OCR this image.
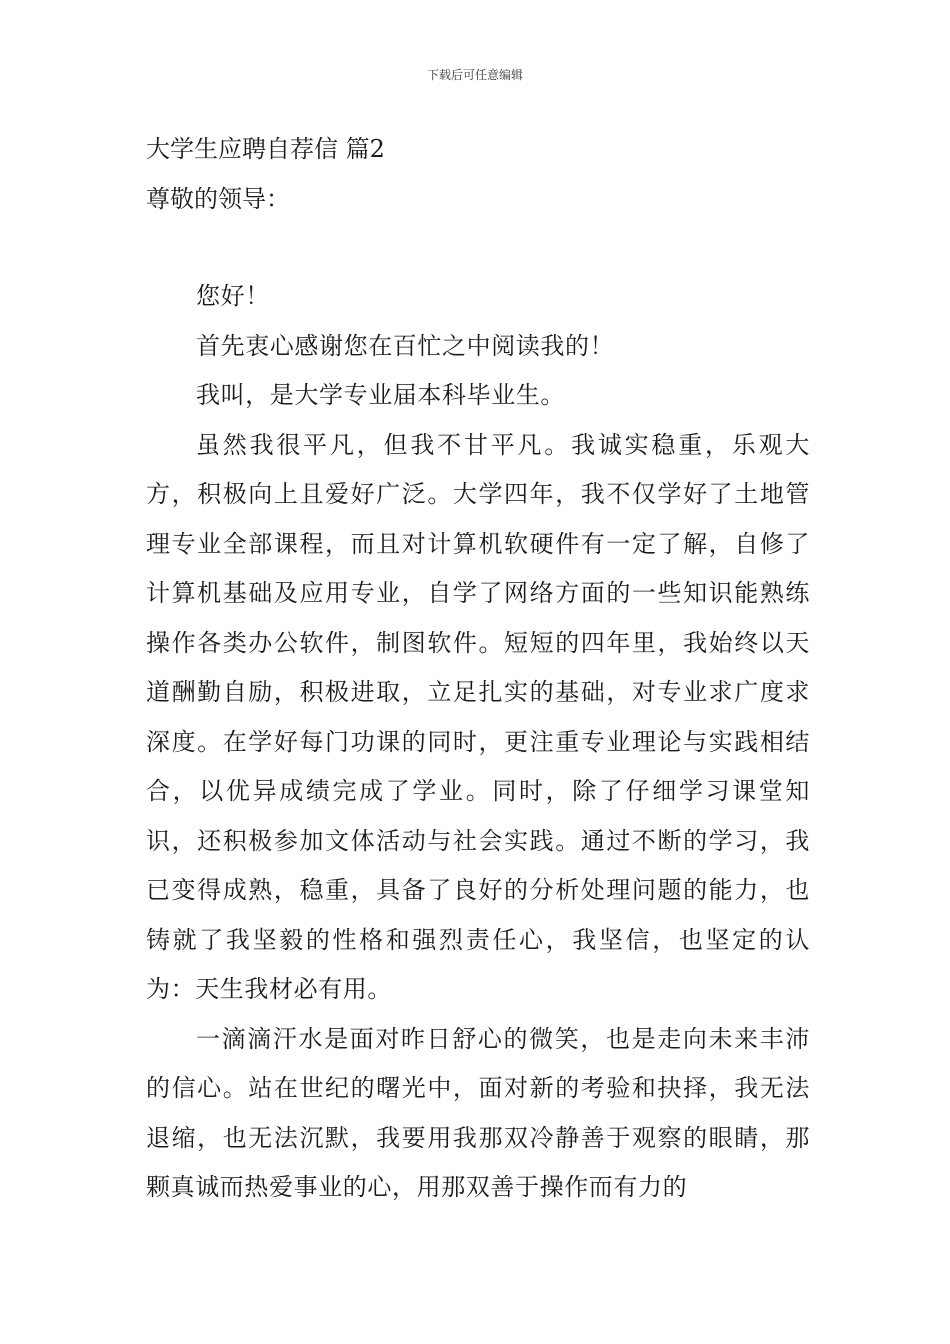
下载后可任意编辑
大学生应聘自荐信 篇2
尊敬的领导：

您好！

首先衷心感谢您在百忙之中阅读我的！

我叫，是大学专业届本科毕业生。

虽然我很平凡，但我不甘平凡。我诚实稳重，乐观大方，积极向上且爱好广泛。大学四年，我不仅学好了土地管理专业全部课程，而且对计算机软硬件有一定了解，自修了计算机基础及应用专业，自学了网络方面的一些知识能熟练操作各类办公软件，制图软件。短短的四年里，我始终以天道酬勤自励，积极进取，立足扎实的基础，对专业求广度求深度。在学好每门功课的同时，更注重专业理论与实践相结合，以优异成绩完成了学业。同时，除了仔细学习课堂知识，还积极参加文体活动与社会实践。通过不断的学习，我已变得成熟，稳重，具备了良好的分析处理问题的能力，也铸就了我坚毅的性格和强烈责任心，我坚信，也坚定的认为：天生我材必有用。

一滴滴汗水是面对昨日舒心的微笑，也是走向未来丰沛的信心。站在世纪的曙光中，面对新的考验和抉择，我无法退缩，也无法沉默，我要用我那双冷静善于观察的眼睛，那颗真诚而热爱事业的心，用那双善于操作而有力的
